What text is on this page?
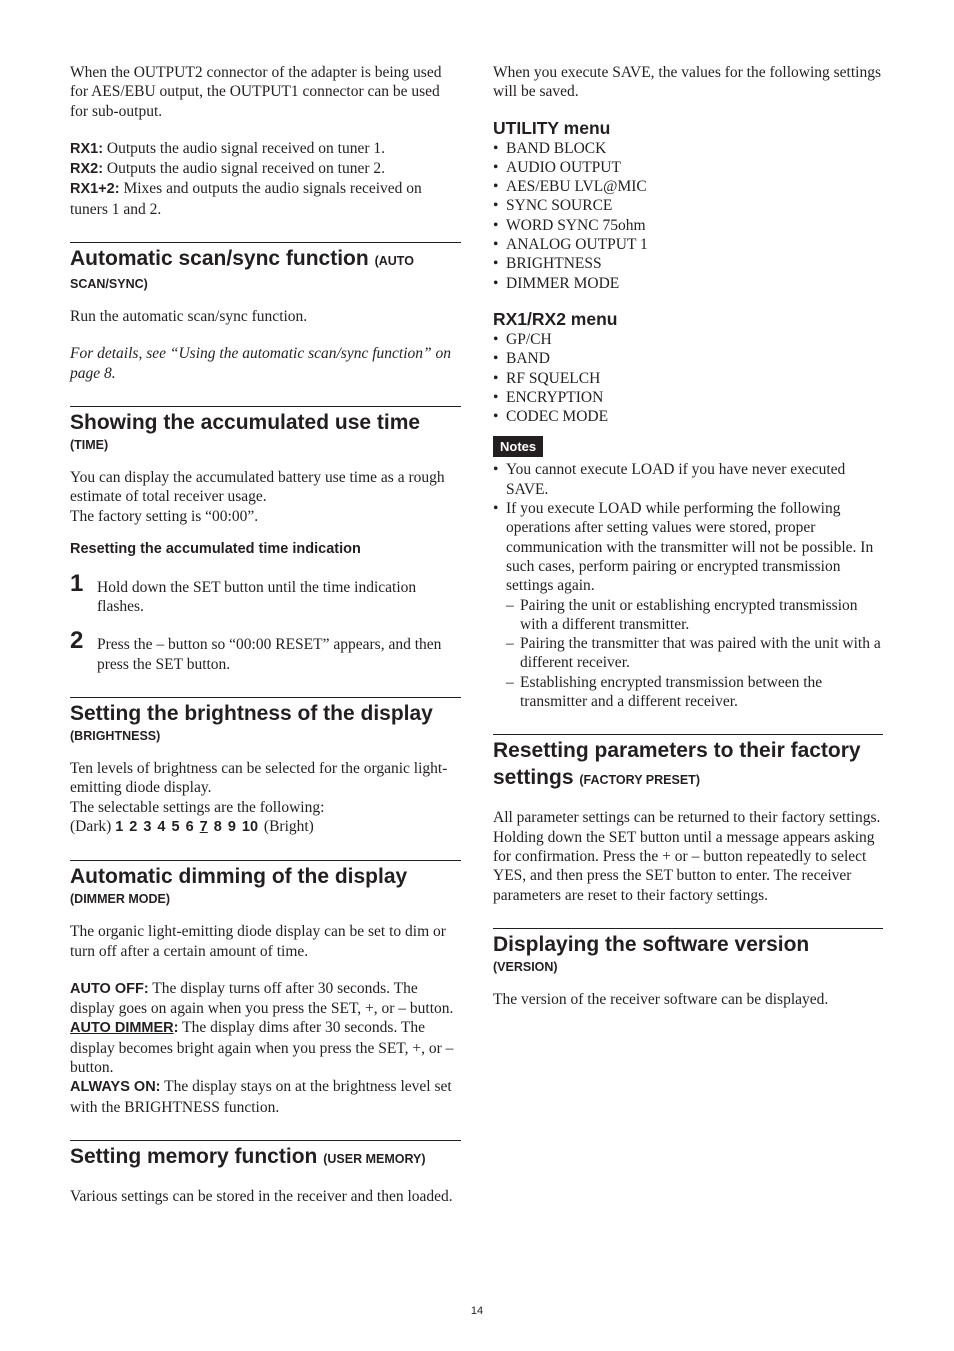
When the OUTPUT2 connector of the adapter is being used for AES/EBU output, the OUTPUT1 connector can be used for sub-output.

RX1: Outputs the audio signal received on tuner 1.

RX2: Outputs the audio signal received on tuner 2.

RX1+2: Mixes and outputs the audio signals received on tuners 1 and 2.

Automatic scan/sync function (AUTO
SCAN/SYNC)

Run the automatic scan/sync function.

For details, see “Using the automatic scan/sync function” on page 8.

Showing the accumulated use time
(TIME)

You can display the accumulated battery use time as a rough estimate of total receiver usage.

The factory setting is “00:00”.

Resetting the accumulated time indication
1 Hold down the SET button until the time indication flashes.

2 Press the – button so “00:00 RESET” appears, and then press the SET button.

Setting the brightness of the display
(BRIGHTNESS)

Ten levels of brightness can be selected for the organic light-emitting diode display.

The selectable settings are the following:

(Dark) 1 2 3 4 5 6 7 8 9 10 (Bright)

Automatic dimming of the display
(DIMMER MODE)

The organic light-emitting diode display can be set to dim or turn off after a certain amount of time.

AUTO OFF: The display turns off after 30 seconds. The display goes on again when you press the SET, +, or – button.

AUTO DIMMER: The display dims after 30 seconds. The display becomes bright again when you press the SET, +, or – button.

ALWAYS ON: The display stays on at the brightness level set with the BRIGHTNESS function.

Setting memory function (USER MEMORY)

Various settings can be stored in the receiver and then loaded.

When you execute SAVE, the values for the following settings will be saved.

UTILITY menu
• BAND BLOCK
• AUDIO OUTPUT
• AES/EBU LVL@MIC
• SYNC SOURCE
• WORD SYNC 75ohm
• ANALOG OUTPUT 1
• BRIGHTNESS
• DIMMER MODE
RX1/RX2 menu
• GP/CH
• BAND
• RF SQUELCH
• ENCRYPTION
• CODEC MODE
Notes
• You cannot execute LOAD if you have never executed SAVE.
• If you execute LOAD while performing the following operations after setting values were stored, proper communication with the transmitter will not be possible. In such cases, perform pairing or encrypted transmission settings again.
– Pairing the unit or establishing encrypted transmission with a different transmitter.
– Pairing the transmitter that was paired with the unit with a different receiver.
– Establishing encrypted transmission between the transmitter and a different receiver.
Resetting parameters to their factory
settings (FACTORY PRESET)

All parameter settings can be returned to their factory settings.

Holding down the SET button until a message appears asking for confirmation. Press the + or – button repeatedly to select YES, and then press the SET button to enter. The receiver parameters are reset to their factory settings.

Displaying the software version
(VERSION)

The version of the receiver software can be displayed.

14
